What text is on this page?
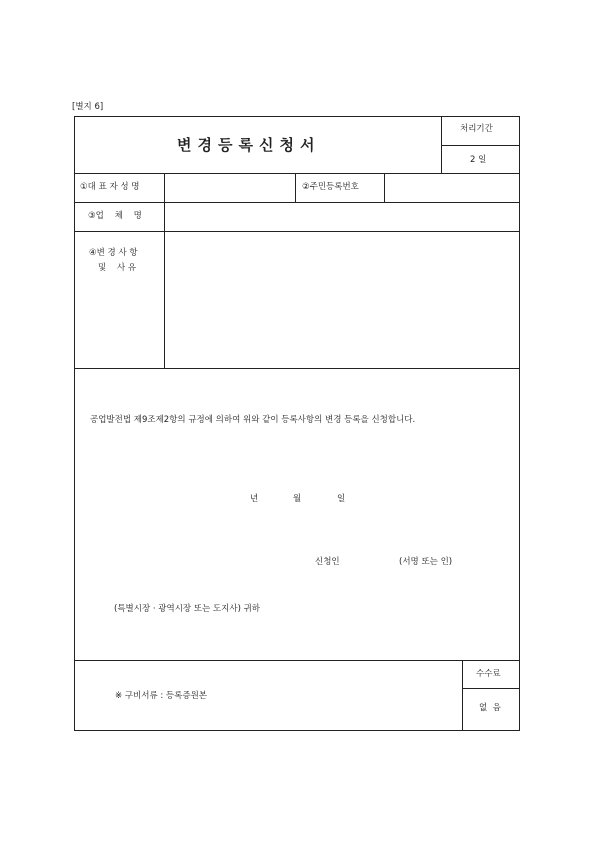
[별지 6]
변경등록신청서
처리기간
2 일
①대 표 자 성 명	②주민등록번호
③업    체    명
④변 경 사 항
및    사 유
공업발전법 제9조제2항의 규정에 의하여 위와 같이 등록사항의 변경 등록을 신청합니다.
년	월	일
신청인	(서명 또는 인)
(특별시장 · 광역시장 또는 도지사) 귀하
※ 구비서류 : 등록증원본
수수료
없  음
